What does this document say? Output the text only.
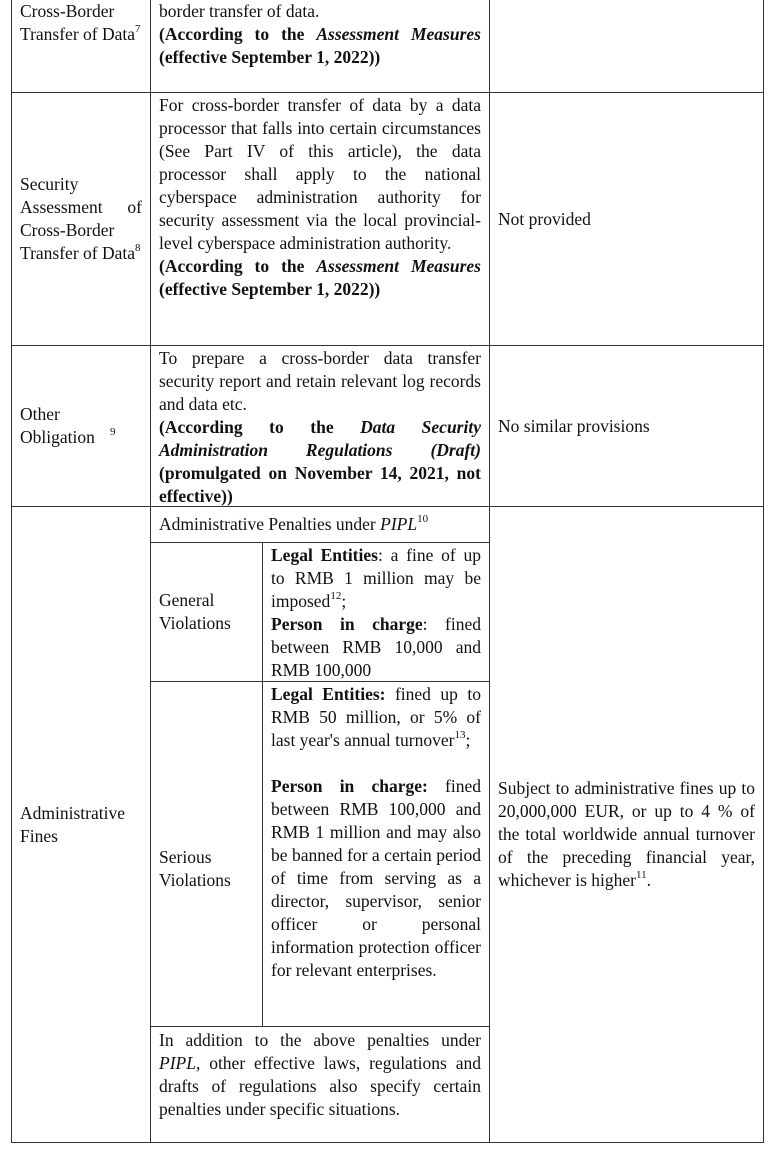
Cross-Border Transfer of Data$^7$
border transfer of data.
(According to the Assessment Measures (effective September 1, 2022))
Security Assessment of Cross-Border Transfer of Data$^8$
For cross-border transfer of data by a data processor that falls into certain circumstances (See Part IV of this article), the data processor shall apply to the national cyberspace administration authority for security assessment via the local provincial-level cyberspace administration authority.
(According to the Assessment Measures (effective September 1, 2022))
Not provided
Other Obligation $^9$
To prepare a cross-border data transfer security report and retain relevant log records and data etc.
(According to the Data Security Administration Regulations (Draft) (promulgated on November 14, 2021, not effective))
No similar provisions
Administrative Fines
Administrative Penalties under PIPL$^{10}$
General Violations
Legal Entities: a fine of up to RMB 1 million may be imposed$^{12}$;
Person in charge: fined between RMB 10,000 and RMB 100,000
Serious Violations
Legal Entities: fined up to RMB 50 million, or 5% of last year's annual turnover$^{13}$;

Person in charge: fined between RMB 100,000 and RMB 1 million and may also be banned for a certain period of time from serving as a director, supervisor, senior officer or personal information protection officer for relevant enterprises.
In addition to the above penalties under PIPL, other effective laws, regulations and drafts of regulations also specify certain penalties under specific situations.
Subject to administrative fines up to 20,000,000 EUR, or up to 4 % of the total worldwide annual turnover of the preceding financial year, whichever is higher$^{11}$.
